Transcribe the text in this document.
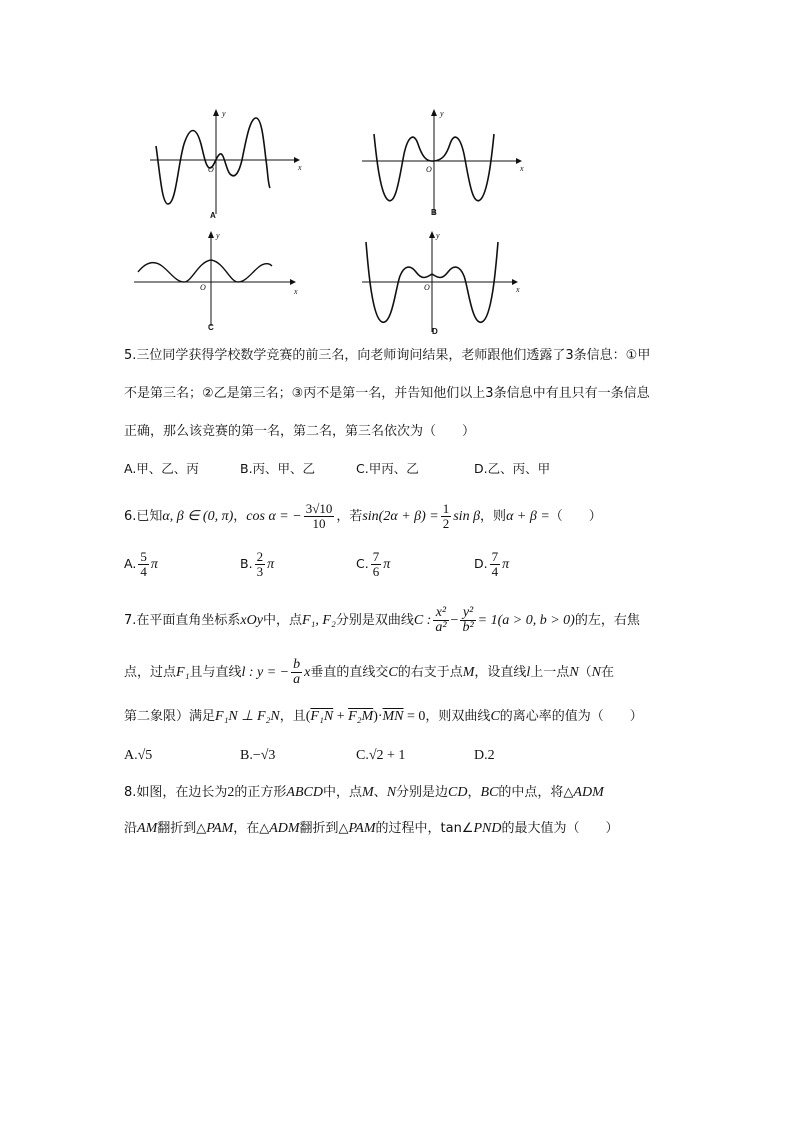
y
x
O
A
y
x
O
B
y
x
O
C
y
x
O
D
5.三位同学获得学校数学竞赛的前三名，向老师询问结果，老师跟他们透露了3条信息：①甲
不是第三名；②乙是第三名；③丙不是第一名，并告知他们以上3条信息中有且只有一条信息
正确，那么该竞赛的第一名，第二名，第三名依次为（　　）
A.甲、乙、丙	B.丙、甲、乙	C.甲丙、乙	D.乙、丙、甲
6.已知α, β ∈ (0, π)，cos α = − $\frac{3√10}{10}$ ，若$\sin(2\alpha + \beta) = \frac{1}{2}$ sin β，则α + β =（　　）
A. $\frac{5}{4}$ π	B. $\frac{2}{3}$ π	C. $\frac{7}{6}$ π	D. $\frac{7}{4}$ π
7.在平面直角坐标系xOy中，点F₁, F₂分别是双曲线C : $\frac{\text{x²}}{\text{a²}} - \frac{\text{y²}}{\text{b²}} = 1(a > 0$, b > 0)的左，右焦
点，过点F₁且与直线l : y = − $\frac{b}{a}$ x垂直的直线交C的右支于点M，设直线l上一点N（N在
第二象限）满足F₁N ⊥ F₂N，且$(F_1N + F_2M)\cdot\overline{MN} = 0$，则双曲线C的离心率的值为（　　）
A.√5	B.−√3	C.√2 + 1	D.2
8.如图，在边长为2的正方形ABCD中，点M、N分别是边CD，BC的中点，将△ADM
沿AM翻折到△PAM，在△ADM翻折到△PAM的过程中，tan∠PND的最大值为（　　）
